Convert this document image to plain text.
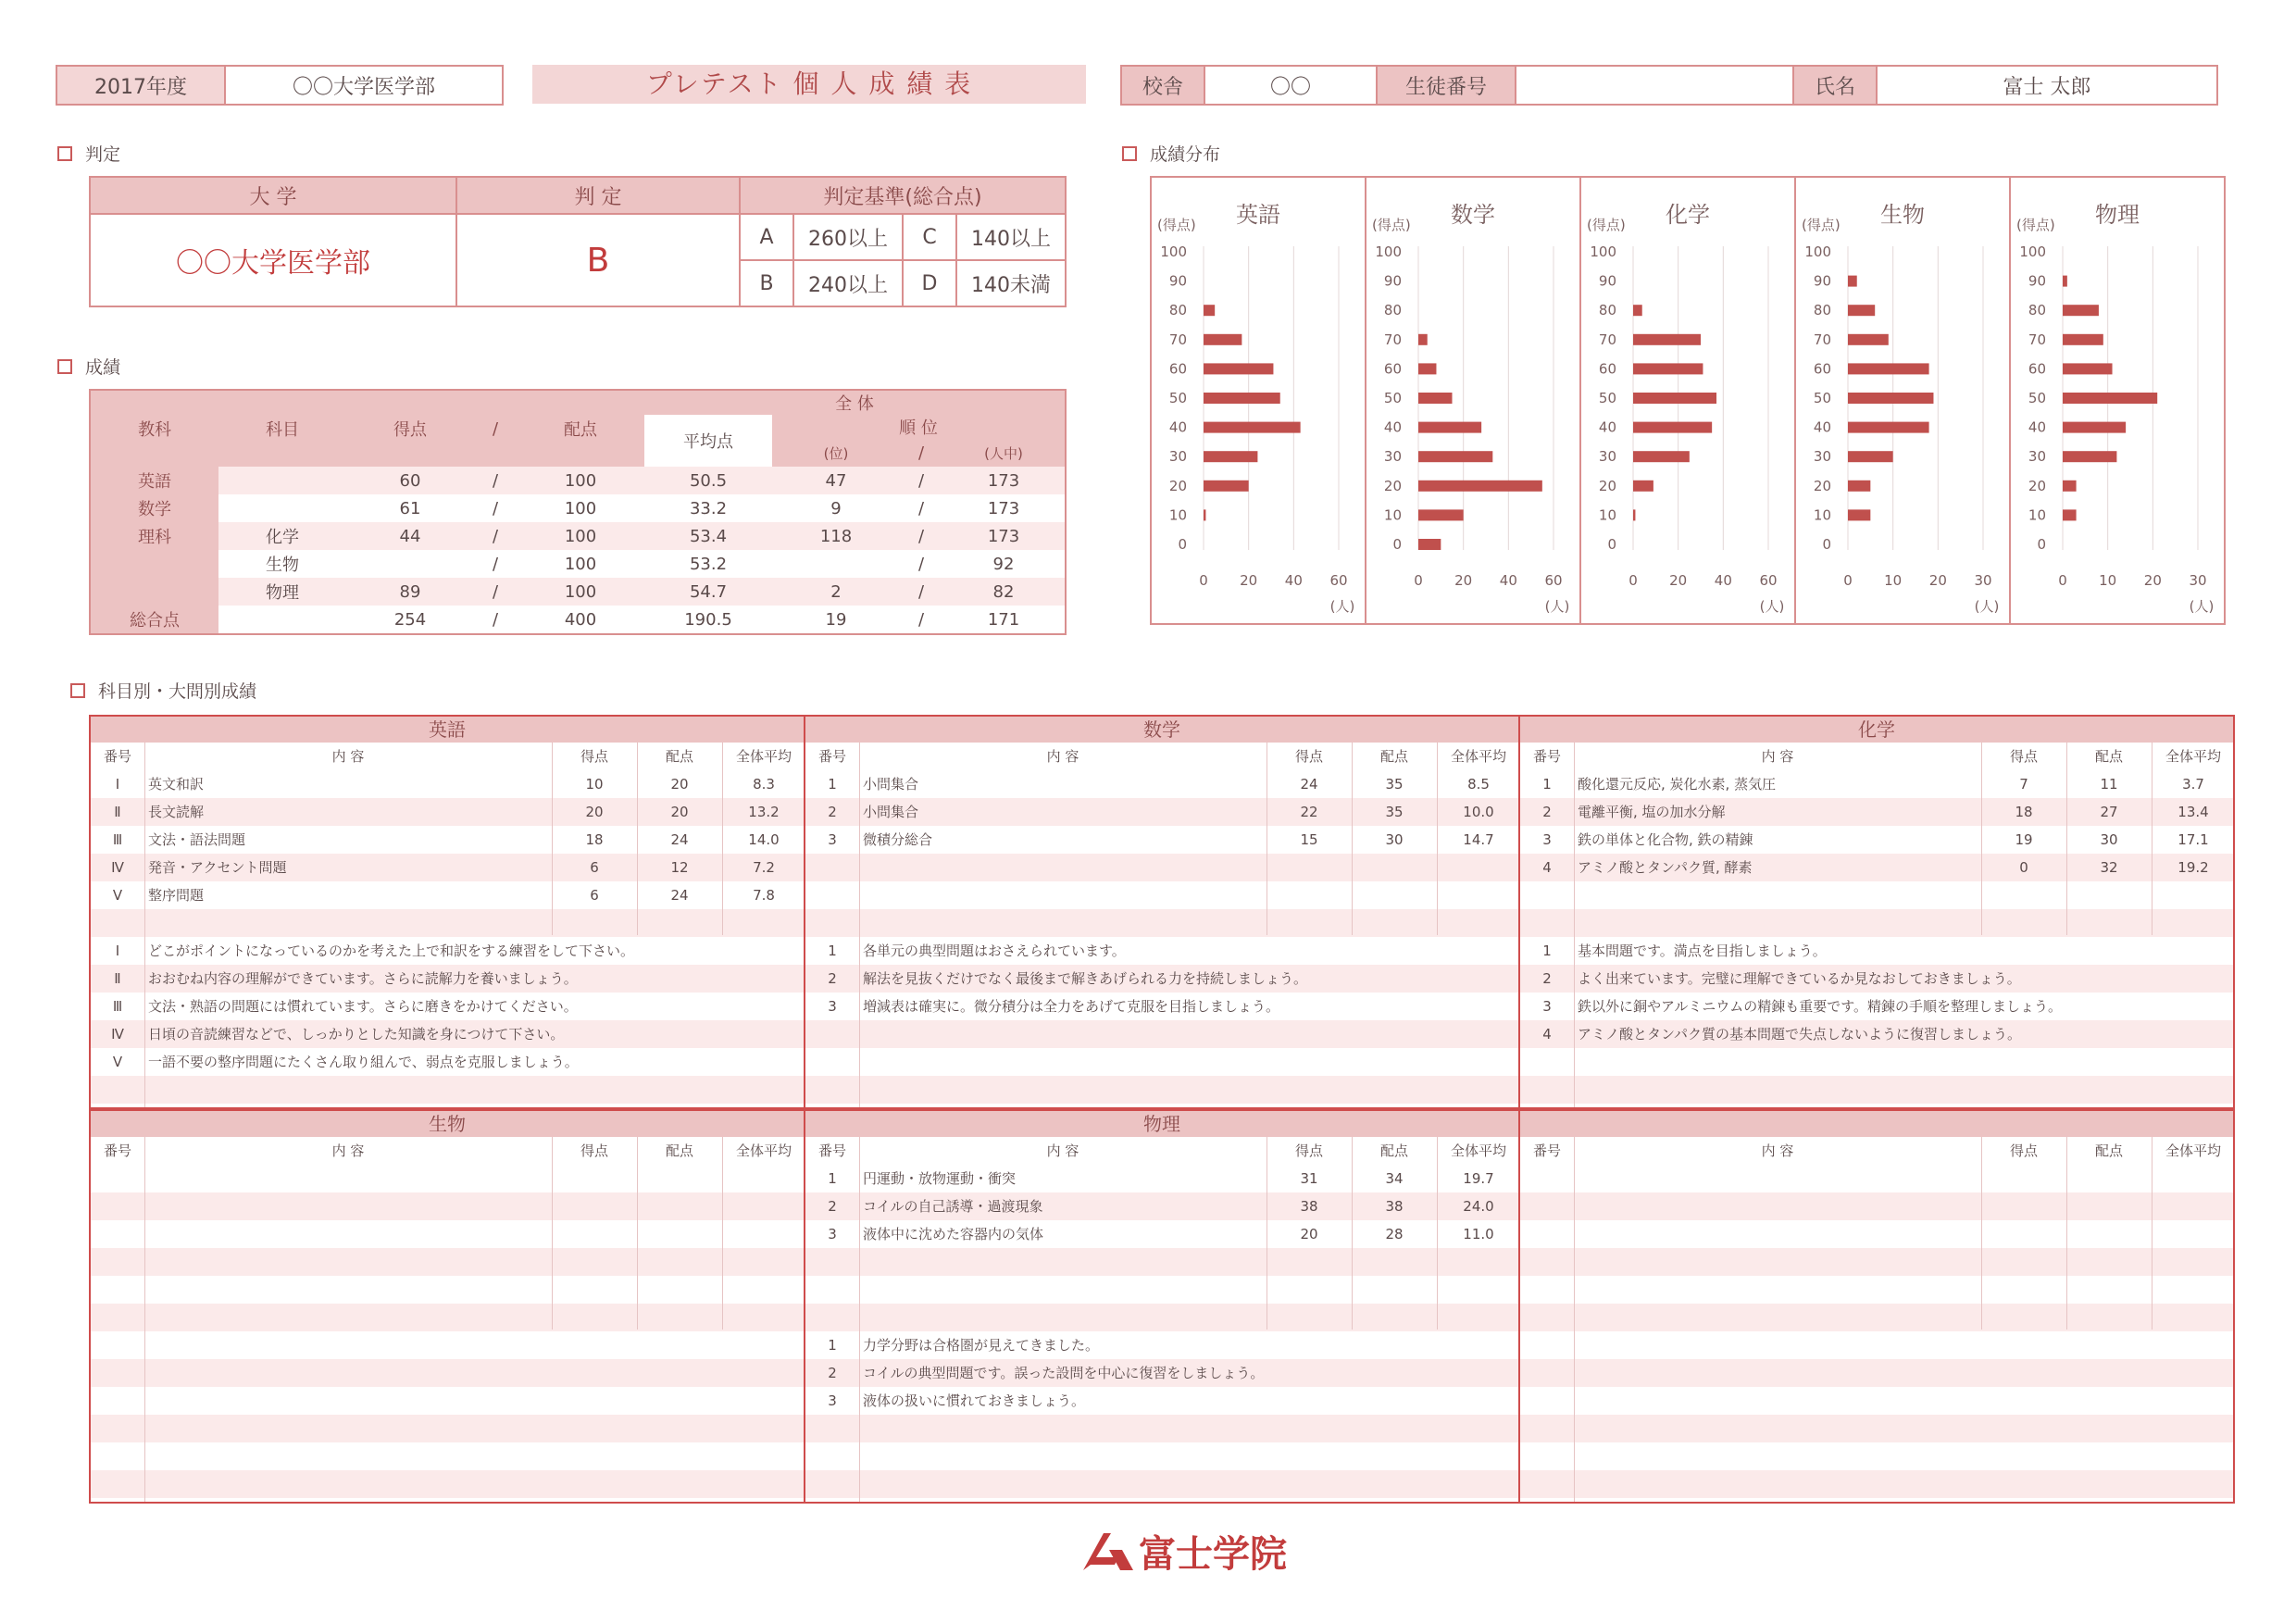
2017年度	〇〇大学医学部	プレテスト 個 人 成 績 表	校舎	〇〇	生徒番号	氏名	富士 太郎
判定
大 学	判 定	判定基準(総合点)			
〇〇大学医学部	B	A	260以上	C	140以上
		B	240以上	D	140未満
成績
教科	科目	得点	/	配点	全 体			
					平均点	順 位		
						(位)	/	(人中)
英語		60	/	100	50.5	47	/	173
数学		61	/	100	33.2	9	/	173
理科	化学	44	/	100	53.4	118	/	173
	生物		/	100	53.2		/	92
	物理	89	/	100	54.7	2	/	82
総合点		254	/	400	190.5	19	/	171
成績分布
英語
0 20 40 60
(得点)
(人)
0
10
20
30
40
50
60
70
80
90
100
数学
0 20 40 60
(得点)
(人)
0
10
20
30
40
50
60
70
80
90
100
化学
0 20 40 60
(得点)
(人)
0
10
20
30
40
50
60
70
80
90
100
生物
0 10 20 30
(得点)
(人)
0
10
20
30
40
50
60
70
80
90
100
物理
0 10 20 30
(得点)
(人)
0
10
20
30
40
50
60
70
80
90
100
科目別・大問別成績
英語
番号	内 容	得点	配点	全体平均
Ⅰ	英文和訳	10	20	8.3
Ⅱ	長文読解	20	20	13.2
Ⅲ	文法・語法問題	18	24	14.0
Ⅳ	発音・アクセント問題	6	12	7.2
Ⅴ	整序問題	6	24	7.8
Ⅰ	どこがポイントになっているのかを考えた上で和訳をする練習をして下さい。
Ⅱ	おおむね内容の理解ができています。さらに読解力を養いましょう。
Ⅲ	文法・熟語の問題には慣れています。さらに磨きをかけてください。
Ⅳ	日頃の音読練習などで、しっかりとした知識を身につけて下さい。
Ⅴ	一語不要の整序問題にたくさん取り組んで、弱点を克服しましょう。
数学
番号	内 容	得点	配点	全体平均
1	小問集合	24	35	8.5
2	小問集合	22	35	10.0
3	微積分総合	15	30	14.7
1	各単元の典型問題はおさえられています。
2	解法を見抜くだけでなく最後まで解きあげられる力を持続しましょう。
3	増減表は確実に。微分積分は全力をあげて克服を目指しましょう。
化学
番号	内 容	得点	配点	全体平均
1	酸化還元反応, 炭化水素, 蒸気圧	7	11	3.7
2	電離平衡, 塩の加水分解	18	27	13.4
3	鉄の単体と化合物, 鉄の精錬	19	30	17.1
4	アミノ酸とタンパク質, 酵素	0	32	19.2
1	基本問題です。満点を目指しましょう。
2	よく出来ています。完璧に理解できているか見なおしておきましょう。
3	鉄以外に銅やアルミニウムの精錬も重要です。精錬の手順を整理しましょう。
4	アミノ酸とタンパク質の基本問題で失点しないように復習しましょう。
生物
番号	内 容	得点	配点	全体平均
物理
番号	内 容	得点	配点	全体平均
1	円運動・放物運動・衝突	31	34	19.7
2	コイルの自己誘導・過渡現象	38	38	24.0
3	液体中に沈めた容器内の気体	20	28	11.0
1	力学分野は合格圏が見えてきました。
2	コイルの典型問題です。誤った設問を中心に復習をしましょう。
3	液体の扱いに慣れておきましょう。
番号	内 容	得点	配点	全体平均
富士学院
